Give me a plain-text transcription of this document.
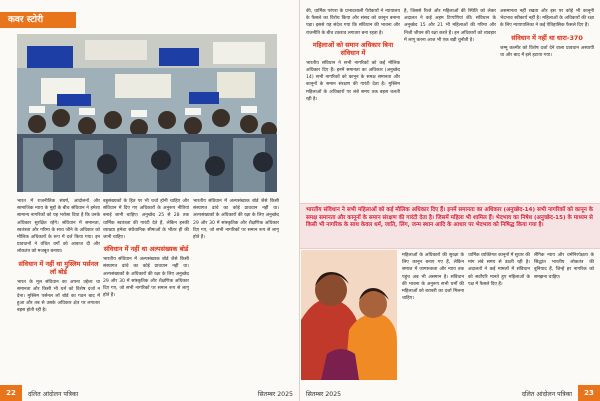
कवर स्टोरी

भारत में राजनीतिक संघर्ष, आंदोलनों और सामाजिक न्याय के मुद्दों के बीच संविधान ने हमेशा सामान्य नागरिकों को यह भरोसा दिया है कि उनके अधिकार सुरक्षित रहेंगे। संविधान में समानता, स्वतंत्रता और गरिमा के साथ जीने के अधिकार को मौलिक अधिकारों के रूप में दर्ज किया गया। इन प्रावधानों ने वंचित वर्गों को आवाज दी और लोकतंत्र को मजबूत बनाया।

संविधान में नहीं था मुस्लिम पर्सनल लॉ बोर्ड

भारत के मूल संविधान का अपना उद्देश्य था समानता और किसी भी धर्म को विशेष दर्जा न देना। मुस्लिम पर्सनल लॉ बोर्ड का गठन बाद में हुआ और तब से उसके अधिकार क्षेत्र पर लगातार बहस होती रही है।

बहुसंख्यकों के हित पर भी चर्चा होनी चाहिए और संविधान में दिए गए अधिकारों के अनुरूप नीतियां बनाई जानी चाहिए। अनुच्छेद 25 से 28 तक धार्मिक स्वतंत्रता की गारंटी देते हैं, लेकिन इनकी व्याख्या हमेशा संवैधानिक सीमाओं के भीतर ही की जानी चाहिए।

संविधान में नहीं था अल्पसंख्यक बोर्ड

भारतीय संविधान में अल्पसंख्यक बोर्ड जैसे किसी संस्थागत ढांचे का कोई प्रावधान नहीं था। अल्पसंख्यकों के अधिकारों की रक्षा के लिए अनुच्छेद 29 और 30 में सांस्कृतिक और शैक्षणिक अधिकार दिए गए, जो सभी नागरिकों पर समान रूप से लागू होते हैं।

भारतीय संविधान में अल्पसंख्यक बोर्ड जैसे किसी संस्थागत ढांचे का कोई प्रावधान नहीं था। अल्पसंख्यकों के अधिकारों की रक्षा के लिए अनुच्छेद 29 और 30 में सांस्कृतिक और शैक्षणिक अधिकार दिए गए, जो सभी नागरिकों पर समान रूप से लागू होते हैं।

22	दलित आंदोलन पत्रिका	सितम्बर 2025

की, धार्मिक परंपरा के प्रभावशाली पैरोकारों ने न्यायालय के फैसले का विरोध किया और संसद को कानून बनाना पड़ा। इससे यह संदेश गया कि संविधान की भावना और राजनीति के बीच टकराव लगातार बना रहता है।

महिलाओं को समान अधिकार बिना संविधान में

भारतीय संविधान ने सभी नागरिकों को कई मौलिक अधिकार दिए हैं। इनमें समानता का अधिकार (अनुच्छेद 14) सभी नागरिकों को कानून के समक्ष समानता और कानूनों के समान संरक्षण की गारंटी देता है। मुस्लिम महिलाओं के अधिकारों पर लंबे समय तक बहस चलती रही है।

है, जिससे रिश्ते और महिलाओं की स्थिति को लेकर अदालत ने कई अहम टिप्पणियां कीं। संविधान के अनुच्छेद 15 और 21 भी महिलाओं की गरिमा और निजी जीवन की रक्षा करते हैं। इन अधिकारों को व्यवहार में लागू करना आज भी एक बड़ी चुनौती है।

असमानता नहीं रखता और इस पर कोई भी कानूनी भेदभाव स्वीकार्य नहीं है। महिलाओं के अधिकारों की रक्षा के लिए न्यायपालिका ने कई ऐतिहासिक फैसले दिए हैं।

संविधान में नहीं था धारा-370

जम्मू कश्मीर को विशेष दर्जा देने वाला प्रावधान अस्थायी था और बाद में इसे हटाया गया।

भारतीय संविधान ने सभी महिलाओं को कई मौलिक अधिकार दिए हैं। इनमें समानता का अधिकार (अनुच्छेद-14) सभी नागरिकों को कानून के समक्ष समानता और कानूनों के समान संरक्षण की गारंटी देता है। जिसमें महिला भी शामिल हैं। भेदभाव का निषेध (अनुच्छेद-15) के माध्यम से किसी भी नागरिक के साथ केवल धर्म, जाति, लिंग, जन्म स्थान आदि के आधार पर भेदभाव को निषिद्ध किया गया है।

महिलाओं के अधिकारों की सुरक्षा के लिए कानून बनाए गए हैं, लेकिन समाज में जागरूकता और न्याय तक पहुंच अब भी असमान है। संविधान की भावना के अनुरूप सभी धर्मों की महिलाओं को बराबरी का दर्जा मिलना चाहिए।

धार्मिक व्यक्तिगत कानूनों में सुधार की मांग लंबे समय से उठती रही है। अदालतों ने कई मामलों में संविधान को सर्वोपरि मानते हुए महिलाओं के पक्ष में फैसले दिए हैं।

लैंगिक न्याय और धर्मनिरपेक्षता के सिद्धांत भारतीय लोकतंत्र की बुनियाद हैं, जिन्हें हर नागरिक को समझना चाहिए।

सितम्बर 2025	दलित आंदोलन पत्रिका	23
